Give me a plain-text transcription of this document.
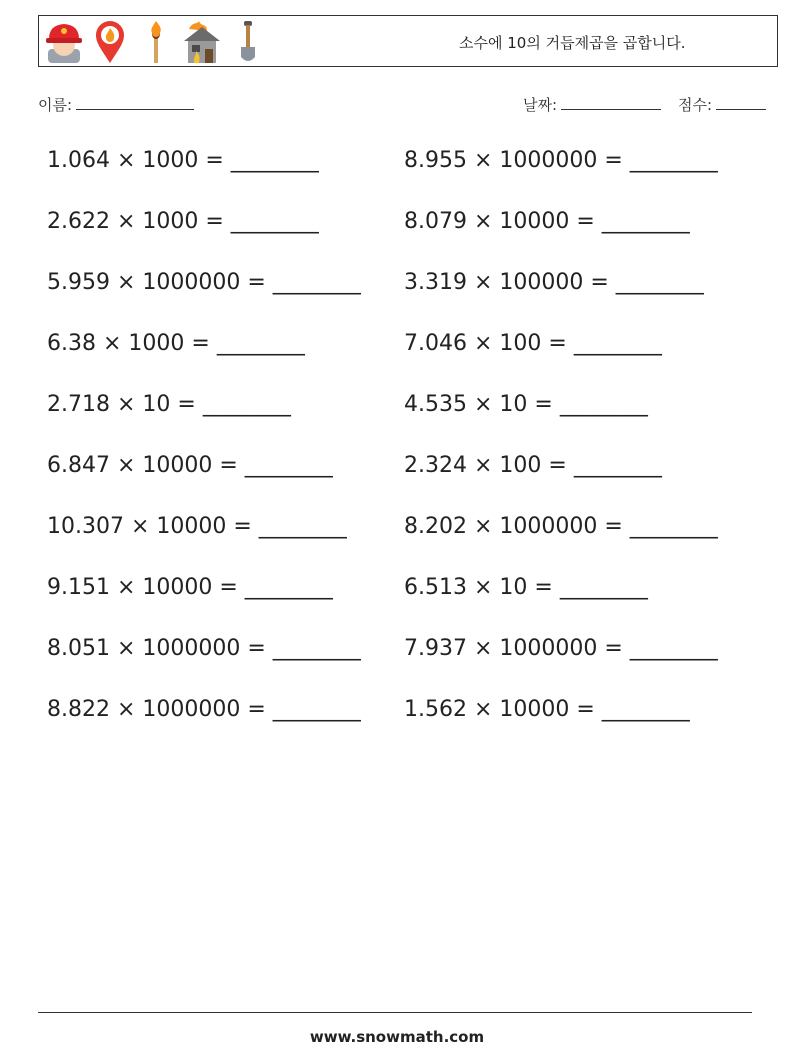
소수에 10의 거듭제곱을 곱합니다.
이름:	날짜:	점수:
1.064 × 1000 = ________
2.622 × 1000 = ________
5.959 × 1000000 = ________
6.38 × 1000 = ________
2.718 × 10 = ________
6.847 × 10000 = ________
10.307 × 10000 = ________
9.151 × 10000 = ________
8.051 × 1000000 = ________
8.822 × 1000000 = ________
8.955 × 1000000 = ________
8.079 × 10000 = ________
3.319 × 100000 = ________
7.046 × 100 = ________
4.535 × 10 = ________
2.324 × 100 = ________
8.202 × 1000000 = ________
6.513 × 10 = ________
7.937 × 1000000 = ________
1.562 × 10000 = ________
www.snowmath.com
